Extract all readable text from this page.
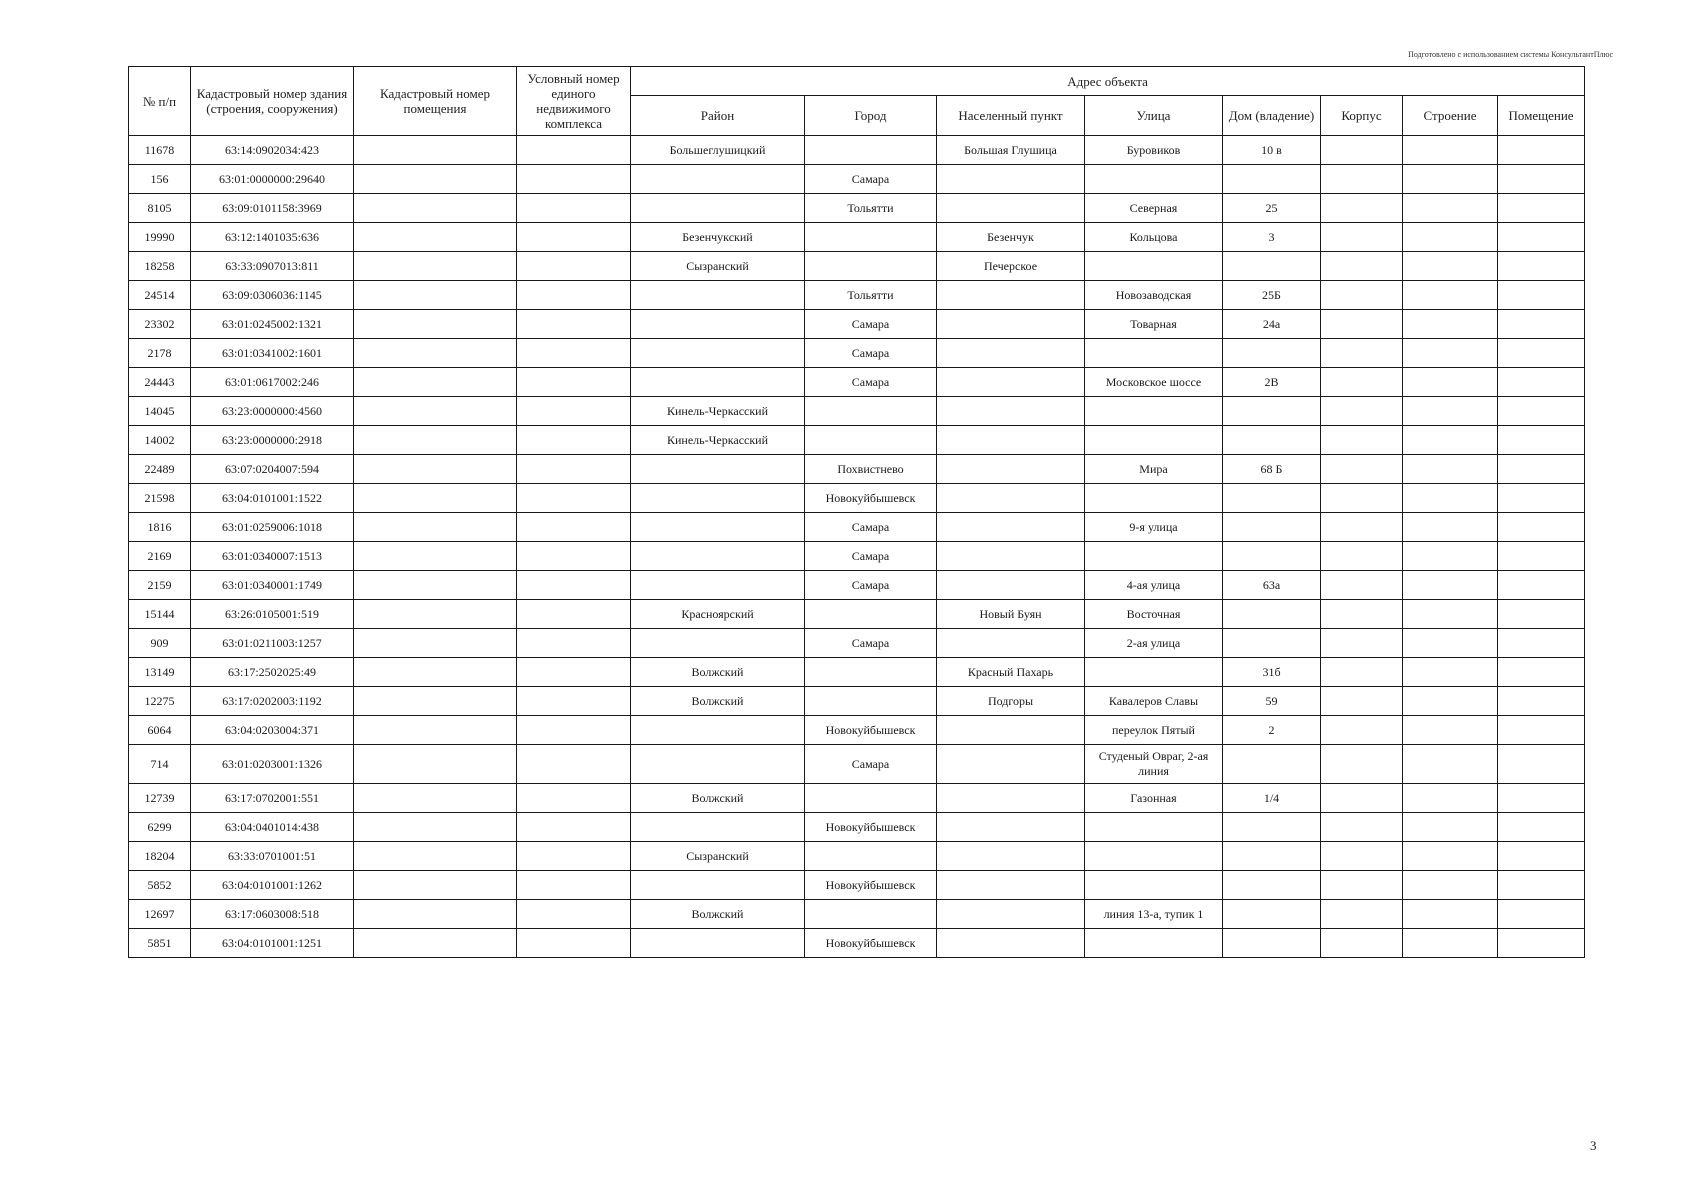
Подготовлено с использованием системы КонсультантПлюс
№ п/п	Кадастровый номер здания (строения, сооружения)	Кадастровый номер помещения	Условный номер единого недвижимого комплекса	Адрес объекта							
				Район	Город	Населенный пункт	Улица	Дом (владение)	Корпус	Строение	Помещение
11678	63:14:0902034:423			Большеглушицкий		Большая Глушица	Буровиков	10 в			
156	63:01:0000000:29640				Самара						
8105	63:09:0101158:3969				Тольятти		Северная	25			
19990	63:12:1401035:636			Безенчукский		Безенчук	Кольцова	3			
18258	63:33:0907013:811			Сызранский		Печерское					
24514	63:09:0306036:1145				Тольятти		Новозаводская	25Б			
23302	63:01:0245002:1321				Самара		Товарная	24а			
2178	63:01:0341002:1601				Самара						
24443	63:01:0617002:246				Самара		Московское шоссе	2В			
14045	63:23:0000000:4560			Кинель-Черкасский							
14002	63:23:0000000:2918			Кинель-Черкасский							
22489	63:07:0204007:594				Похвистнево		Мира	68 Б			
21598	63:04:0101001:1522				Новокуйбышевск						
1816	63:01:0259006:1018				Самара		9-я улица				
2169	63:01:0340007:1513				Самара						
2159	63:01:0340001:1749				Самара		4-ая улица	63а			
15144	63:26:0105001:519			Красноярский		Новый Буян	Восточная				
909	63:01:0211003:1257				Самара		2-ая улица				
13149	63:17:2502025:49			Волжский		Красный Пахарь		31б			
12275	63:17:0202003:1192			Волжский		Подгоры	Кавалеров Славы	59			
6064	63:04:0203004:371				Новокуйбышевск		переулок Пятый	2			
714	63:01:0203001:1326				Самара		Студеный Овраг, 2-ая линия				
12739	63:17:0702001:551			Волжский			Газонная	1/4			
6299	63:04:0401014:438				Новокуйбышевск						
18204	63:33:0701001:51			Сызранский							
5852	63:04:0101001:1262				Новокуйбышевск						
12697	63:17:0603008:518			Волжский			линия 13-а, тупик 1				
5851	63:04:0101001:1251				Новокуйбышевск						
3
